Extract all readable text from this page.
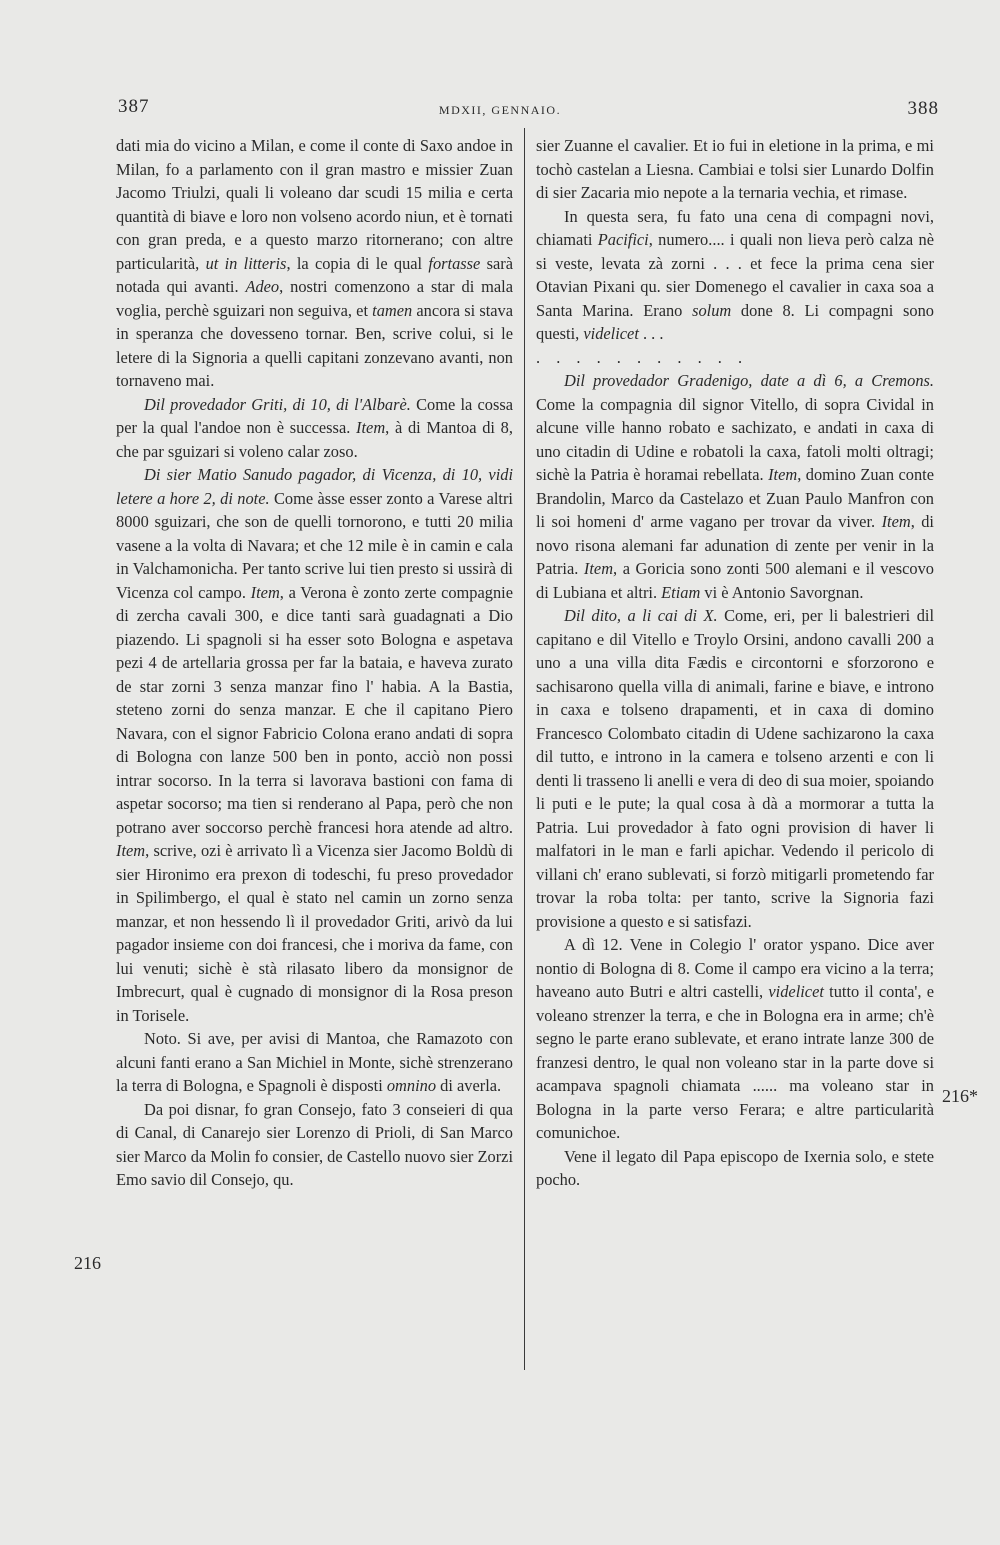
387	MDXII, GENNAIO.	388
216
216*

dati mia do vicino a Milan, e come il conte di Saxo andoe in Milan, fo a parlamento con il gran mastro e missier Zuan Jacomo Triulzi, quali li voleano dar scudi 15 milia e certa quantità di biave e loro non volseno acordo niun, et è tornati con gran preda, e a questo marzo ritornerano; con altre particularità, ut in litteris, la copia di le qual fortasse sarà notada qui avanti. Adeo, nostri comenzono a star di mala voglia, perchè sguizari non seguiva, et tamen ancora si stava in speranza che dovesseno tornar. Ben, scrive colui, si le letere di la Signoria a quelli capitani zonzevano avanti, non tornaveno mai.

Dil provedador Griti, di 10, di l'Albarè. Come la cossa per la qual l'andoe non è successa. Item, à di Mantoa di 8, che par sguizari si voleno calar zoso.

Di sier Matio Sanudo pagador, di Vicenza, di 10, vidi letere a hore 2, di note. Come àsse esser zonto a Varese altri 8000 sguizari, che son de quelli tornorono, e tutti 20 milia vasene a la volta di Navara; et che 12 mile è in camin e cala in Valchamonicha. Per tanto scrive lui tien presto si ussirà di Vicenza col campo. Item, a Verona è zonto zerte compagnie di zercha cavali 300, e dice tanti sarà guadagnati a Dio piazendo. Li spagnoli si ha esser soto Bologna e aspetava pezi 4 de artellaria grossa per far la bataia, e haveva zurato de star zorni 3 senza manzar fino l' habia. A la Bastia, steteno zorni do senza manzar. E che il capitano Piero Navara, con el signor Fabricio Colona erano andati di sopra di Bologna con lanze 500 ben in ponto, acciò non possi intrar socorso. In la terra si lavorava bastioni con fama di aspetar socorso; ma tien si renderano al Papa, però che non potrano aver soccorso perchè francesi hora atende ad altro. Item, scrive, ozi è arrivato lì a Vicenza sier Jacomo Boldù di sier Hironimo era prexon di todeschi, fu preso provedador in Spilimbergo, el qual è stato nel camin un zorno senza manzar, et non hessendo lì il provedador Griti, arivò da lui pagador insieme con doi francesi, che i moriva da fame, con lui venuti; sichè è stà rilasato libero da monsignor de Imbrecurt, qual è cugnado di monsignor di la Rosa preson in Torisele.

Noto. Si ave, per avisi di Mantoa, che Ramazoto con alcuni fanti erano a San Michiel in Monte, sichè strenzerano la terra di Bologna, e Spagnoli è disposti omnino di averla.

Da poi disnar, fo gran Consejo, fato 3 conseieri di qua di Canal, di Canarejo sier Lorenzo di Prioli, di San Marco sier Marco da Molin fo consier, de Castello nuovo sier Zorzi Emo savio dil Consejo, qu.

sier Zuanne el cavalier. Et io fui in eletione in la prima, e mi tochò castelan a Liesna. Cambiai e tolsi sier Lunardo Dolfin di sier Zacaria mio nepote a la ternaria vechia, et rimase.

In questa sera, fu fato una cena di compagni novi, chiamati Pacifici, numero.... i quali non lieva però calza nè si veste, levata zà zorni . . . et fece la prima cena sier Otavian Pixani qu. sier Domenego el cavalier in caxa soa a Santa Marina. Erano solum done 8. Li compagni sono questi, videlicet . . .

. . . . . . . . . . .

Dil provedador Gradenigo, date a dì 6, a Cremons. Come la compagnia dil signor Vitello, di sopra Cividal in alcune ville hanno robato e sachizato, e andati in caxa di uno citadin di Udine e robatoli la caxa, fatoli molti oltragi; sichè la Patria è horamai rebellata. Item, domino Zuan conte Brandolin, Marco da Castelazo et Zuan Paulo Manfron con li soi homeni d' arme vagano per trovar da viver. Item, di novo risona alemani far adunation di zente per venir in la Patria. Item, a Goricia sono zonti 500 alemani e il vescovo di Lubiana et altri. Etiam vi è Antonio Savorgnan.

Dil dito, a li cai di X. Come, eri, per li balestrieri dil capitano e dil Vitello e Troylo Orsini, andono cavalli 200 a uno a una villa dita Fædis e circontorni e sforzorono e sachisarono quella villa di animali, farine e biave, e introno in caxa e tolseno drapamenti, et in caxa di domino Francesco Colombato citadin di Udene sachizarono la caxa dil tutto, e introno in la camera e tolseno arzenti e con li denti li trasseno li anelli e vera di deo di sua moier, spoiando li puti e le pute; la qual cosa à dà a mormorar a tutta la Patria. Lui provedador à fato ogni provision di haver li malfatori in le man e farli apichar. Vedendo il pericolo di villani ch' erano sublevati, si forzò mitigarli prometendo far trovar la roba tolta: per tanto, scrive la Signoria fazi provisione a questo e si satisfazi.

A dì 12. Vene in Colegio l' orator yspano. Dice aver nontio di Bologna di 8. Come il campo era vicino a la terra; haveano auto Butri e altri castelli, videlicet tutto il conta', e voleano strenzer la terra, e che in Bologna era in arme; ch'è segno le parte erano sublevate, et erano intrate lanze 300 de franzesi dentro, le qual non voleano star in la parte dove si acampava spagnoli chiamata ...... ma voleano star in Bologna in la parte verso Ferara; e altre particularità comunichoe.

Vene il legato dil Papa episcopo de Ixernia solo, e stete pocho.
